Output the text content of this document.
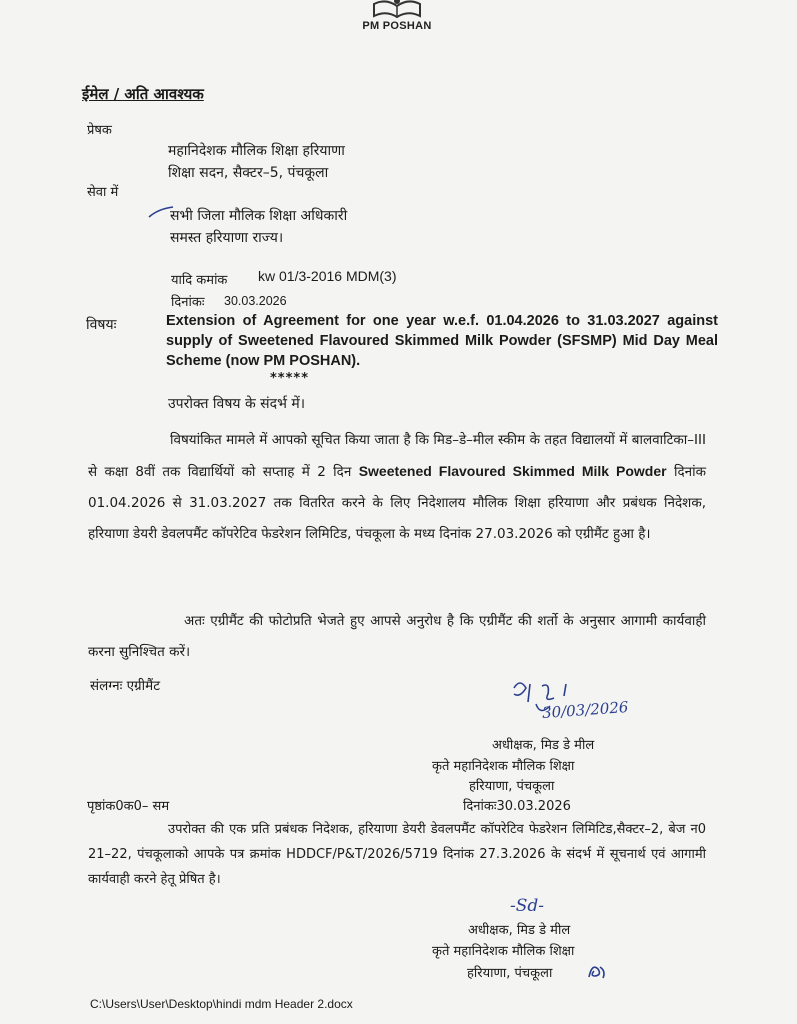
PM POSHAN
ईमेल / अति आवश्यक
प्रेषक
महानिदेशक मौलिक शिक्षा हरियाणा
शिक्षा सदन, सैक्टर–5, पंचकूला
सेवा में
सभी जिला मौलिक शिक्षा अधिकारी
समस्त हरियाणा राज्य।
यादि कमांक kw 01/3-2016 MDM(3)
दिनांकः 30.03.2026
विषयः	Extension of Agreement for one year w.e.f. 01.04.2026 to 31.03.2027 against supply of Sweetened Flavoured Skimmed Milk Powder (SFSMP) Mid Day Meal Scheme (now PM POSHAN).
*****
उपरोक्त विषय के संदर्भ में।
विषयांकित मामले में आपको सूचित किया जाता है कि मिड–डे–मील स्कीम के तहत विद्यालयों में बालवाटिका–III से कक्षा 8वीं तक विद्यार्थियों को सप्ताह में 2 दिन Sweetened Flavoured Skimmed Milk Powder दिनांक 01.04.2026 से 31.03.2027 तक वितरित करने के लिए निदेशालय मौलिक शिक्षा हरियाणा और प्रबंधक निदेशक, हरियाणा डेयरी डेवलपमैंट कॉपरेटिव फेडरेशन लिमिटिड, पंचकूला के मध्य दिनांक 27.03.2026 को एग्रीमैंट हुआ है।
अतः एग्रीमैंट की फोटोप्रति भेजते हुए आपसे अनुरोध है कि एग्रीमैंट की शर्तो के अनुसार आगामी कार्यवाही करना सुनिश्चित करें।
संलग्नः एग्रीमैंट
30/03/2026
अधीक्षक, मिड डे मील
कृते महानिदेशक मौलिक शिक्षा
हरियाणा, पंचकूला
दिनांकः30.03.2026
पृष्ठांक0क0– सम
उपरोक्त की एक प्रति प्रबंधक निदेशक, हरियाणा डेयरी डेवलपमैंट कॉपरेटिव फेडरेशन लिमिटिड,सैक्टर–2, बेज न0 21–22, पंचकूलाको आपके पत्र क्रमांक HDDCF/P&T/2026/5719 दिनांक 27.3.2026 के संदर्भ में सूचनार्थ एवं आगामी कार्यवाही करने हेतू प्रेषित है।
-Sd-
अधीक्षक, मिड डे मील
कृते महानिदेशक मौलिक शिक्षा
हरियाणा, पंचकूला
C:\Users\User\Desktop\hindi mdm Header 2.docx
